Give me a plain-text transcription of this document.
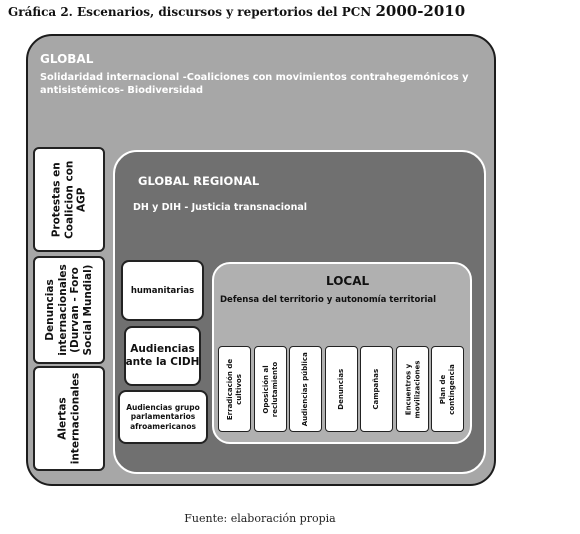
Gráfica 2. Escenarios, discursos y repertorios del PCN 2000-2010
GLOBAL
Solidaridad internacional -Coaliciones con movimientos contrahegemónicos y antisistémicos- Biodiversidad
Protestas en
Coalicion con
AGP
Denuncias
internacionales
(Durvan - Foro
Social Mundial)
Alertas
internacionales
GLOBAL REGIONAL
DH y DIH - Justicia transnacional
humanitarias
Audiencias
ante la CIDH
Audiencias grupo
parlamentarios
afroamericanos
LOCAL
Defensa del territorio y autonomía territorial
Erradicación de
cultivos	Oposición al
reclutamiento	Audiencias pública	Denuncias	Campañas	Encuentros y
movilizaciones	Plan de
contingencia
Fuente: elaboración propia
